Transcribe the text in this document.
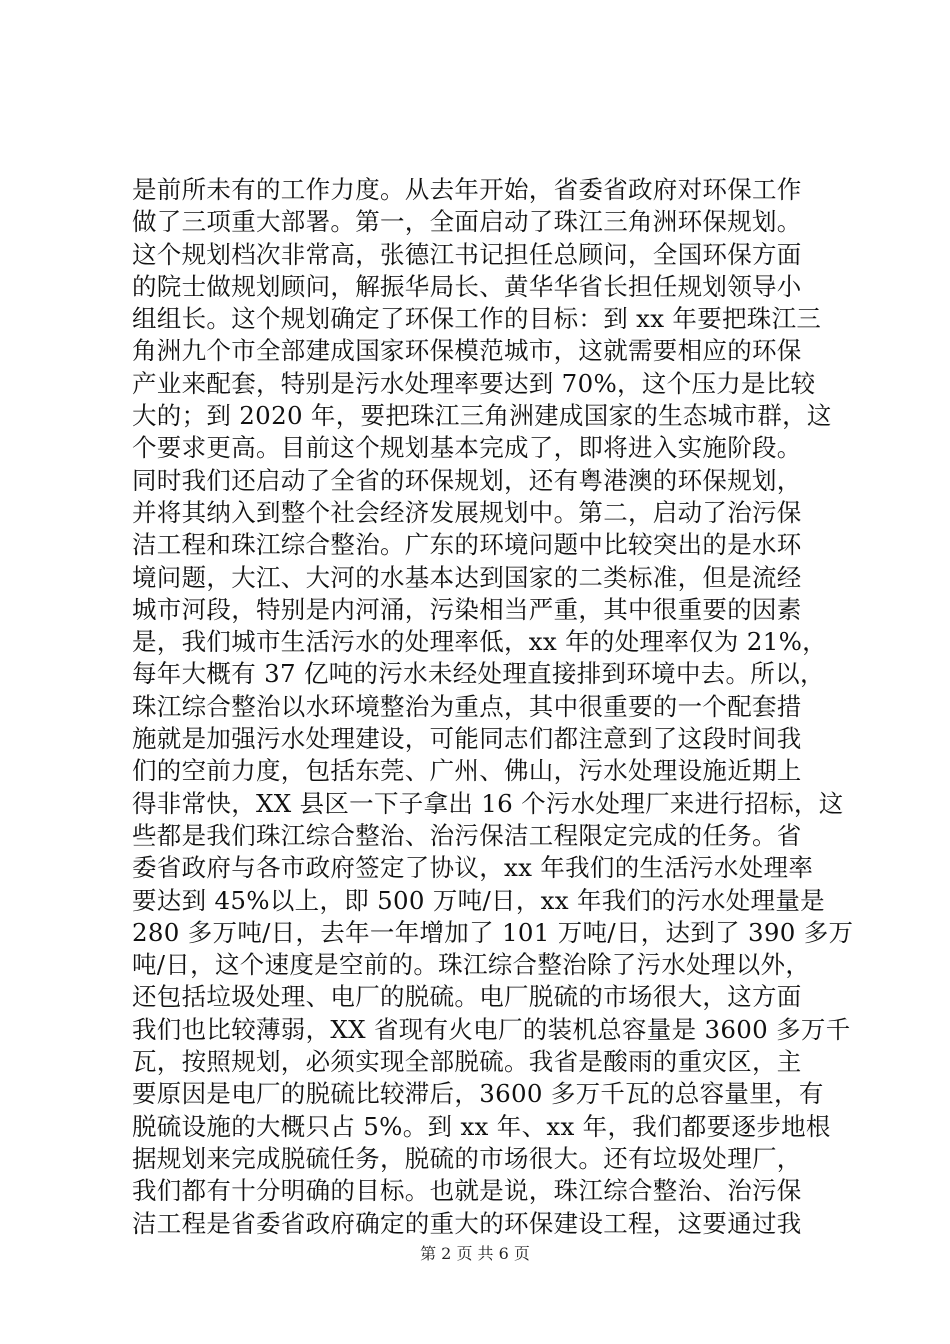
是前所未有的工作力度。从去年开始，省委省政府对环保工作
做了三项重大部署。第一，全面启动了珠江三角洲环保规划。
这个规划档次非常高，张德江书记担任总顾问，全国环保方面
的院士做规划顾问，解振华局长、黄华华省长担任规划领导小
组组长。这个规划确定了环保工作的目标：到 xx 年要把珠江三
角洲九个市全部建成国家环保模范城市，这就需要相应的环保
产业来配套，特别是污水处理率要达到 70%，这个压力是比较
大的；到 2020 年，要把珠江三角洲建成国家的生态城市群，这
个要求更高。目前这个规划基本完成了，即将进入实施阶段。
同时我们还启动了全省的环保规划，还有粤港澳的环保规划，
并将其纳入到整个社会经济发展规划中。第二，启动了治污保
洁工程和珠江综合整治。广东的环境问题中比较突出的是水环
境问题，大江、大河的水基本达到国家的二类标准，但是流经
城市河段，特别是内河涌，污染相当严重，其中很重要的因素
是，我们城市生活污水的处理率低，xx 年的处理率仅为 21%，
每年大概有 37 亿吨的污水未经处理直接排到环境中去。所以，
珠江综合整治以水环境整治为重点，其中很重要的一个配套措
施就是加强污水处理建设，可能同志们都注意到了这段时间我
们的空前力度，包括东莞、广州、佛山，污水处理设施近期上
得非常快，XX 县区一下子拿出 16 个污水处理厂来进行招标，这
些都是我们珠江综合整治、治污保洁工程限定完成的任务。省
委省政府与各市政府签定了协议，xx 年我们的生活污水处理率
要达到 45%以上，即 500 万吨/日，xx 年我们的污水处理量是
280 多万吨/日，去年一年增加了 101 万吨/日，达到了 390 多万
吨/日，这个速度是空前的。珠江综合整治除了污水处理以外，
还包括垃圾处理、电厂的脱硫。电厂脱硫的市场很大，这方面
我们也比较薄弱，XX 省现有火电厂的装机总容量是 3600 多万千
瓦，按照规划，必须实现全部脱硫。我省是酸雨的重灾区，主
要原因是电厂的脱硫比较滞后，3600 多万千瓦的总容量里，有
脱硫设施的大概只占 5%。到 xx 年、xx 年，我们都要逐步地根
据规划来完成脱硫任务，脱硫的市场很大。还有垃圾处理厂，
我们都有十分明确的目标。也就是说，珠江综合整治、治污保
洁工程是省委省政府确定的重大的环保建设工程，这要通过我
第 2 页 共 6 页
